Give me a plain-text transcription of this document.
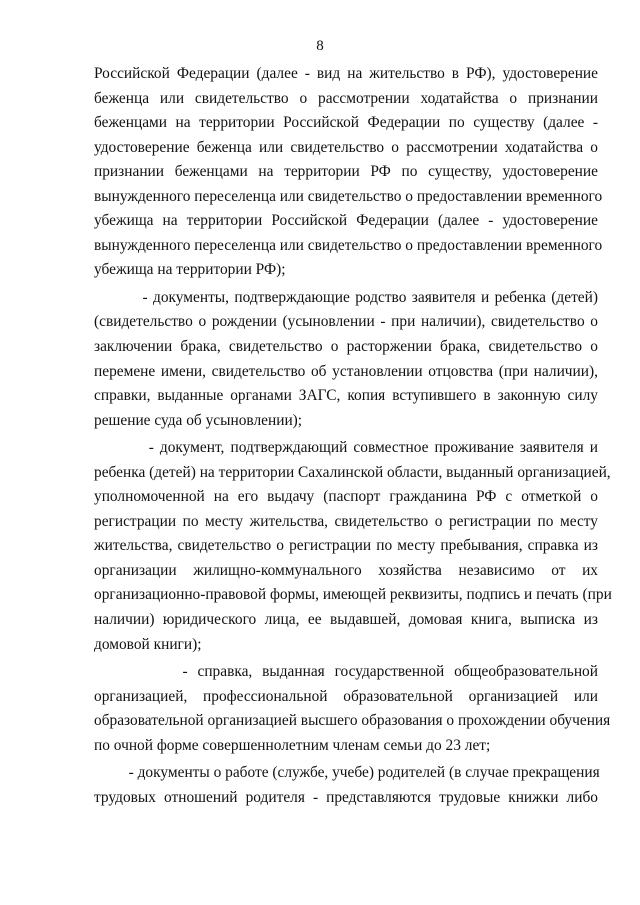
8
Российской Федерации (далее - вид на жительство в РФ), удостоверение
беженца или свидетельство о рассмотрении ходатайства о признании
беженцами на территории Российской Федерации по существу (далее -
удостоверение беженца или свидетельство о рассмотрении ходатайства о
признании беженцами на территории РФ по существу, удостоверение
вынужденного переселенца или свидетельство о предоставлении временного
убежища на территории Российской Федерации (далее - удостоверение
вынужденного переселенца или свидетельство о предоставлении временного
убежища на территории РФ);
- документы, подтверждающие родство заявителя и ребенка (детей)
(свидетельство о рождении (усыновлении - при наличии), свидетельство о
заключении брака, свидетельство о расторжении брака, свидетельство о
перемене имени, свидетельство об установлении отцовства (при наличии),
справки, выданные органами ЗАГС, копия вступившего в законную силу
решение суда об усыновлении);
- документ, подтверждающий совместное проживание заявителя и
ребенка (детей) на территории Сахалинской области, выданный организацией,
уполномоченной на его выдачу (паспорт гражданина РФ с отметкой о
регистрации по месту жительства, свидетельство о регистрации по месту
жительства, свидетельство о регистрации по месту пребывания, справка из
организации жилищно-коммунального хозяйства независимо от их
организационно-правовой формы, имеющей реквизиты, подпись и печать (при
наличии) юридического лица, ее выдавшей, домовая книга, выписка из
домовой книги);
- справка, выданная государственной общеобразовательной
организацией, профессиональной образовательной организацией или
образовательной организацией высшего образования о прохождении обучения
по очной форме совершеннолетним членам семьи до 23 лет;
- документы о работе (службе, учебе) родителей (в случае прекращения
трудовых отношений родителя - представляются трудовые книжки либо
